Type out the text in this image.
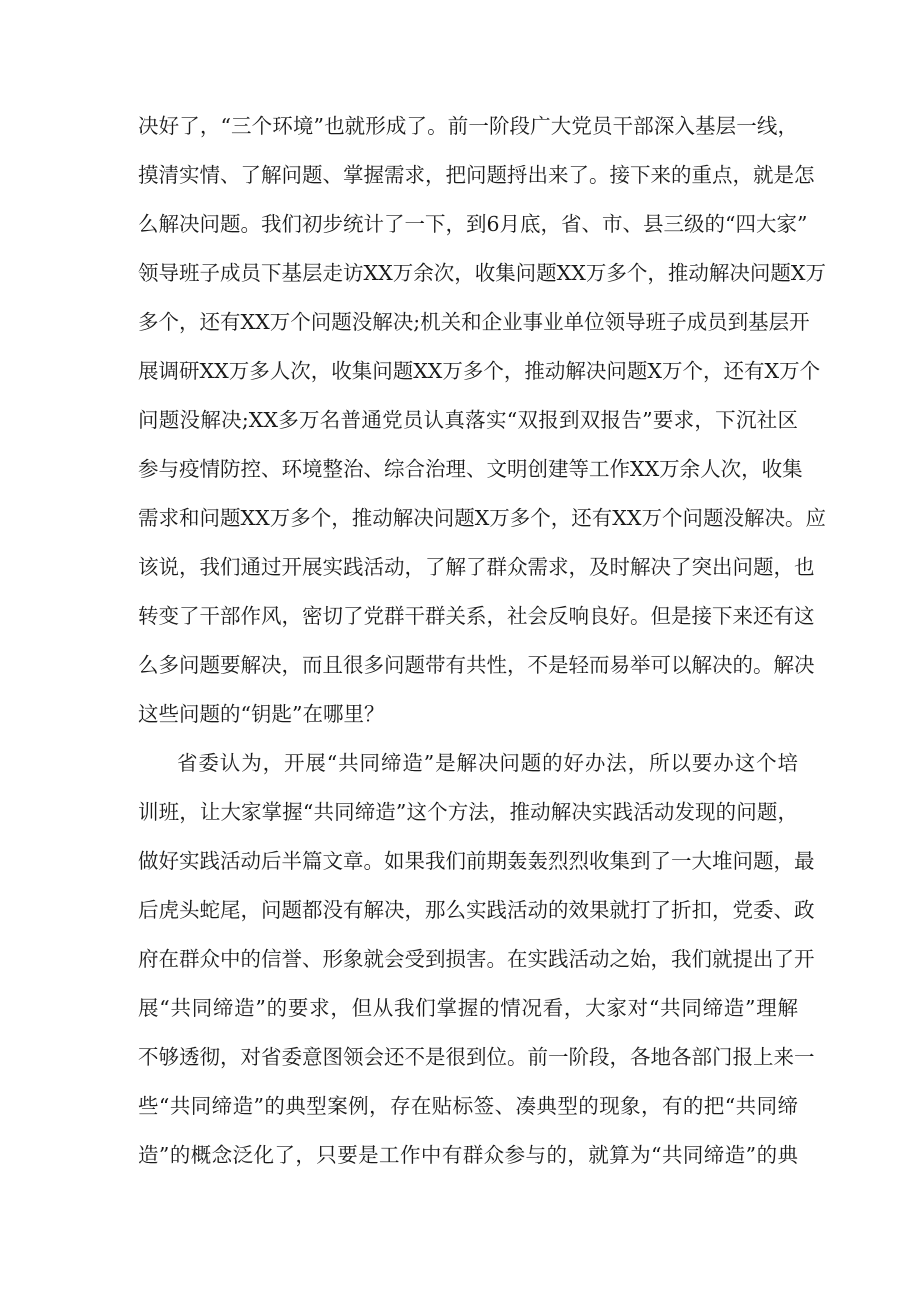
决好了，“三个环境”也就形成了。前一阶段广大党员干部深入基层一线，
摸清实情、了解问题、掌握需求，把问题捋出来了。接下来的重点，就是怎
么解决问题。我们初步统计了一下，到6月底，省、市、县三级的“四大家”
领导班子成员下基层走访XX万余次，收集问题XX万多个，推动解决问题X万
多个，还有XX万个问题没解决;机关和企业事业单位领导班子成员到基层开
展调研XX万多人次，收集问题XX万多个，推动解决问题X万个，还有X万个
问题没解决;XX多万名普通党员认真落实“双报到双报告”要求，下沉社区
参与疫情防控、环境整治、综合治理、文明创建等工作XX万余人次，收集
需求和问题XX万多个，推动解决问题X万多个，还有XX万个问题没解决。应
该说，我们通过开展实践活动，了解了群众需求，及时解决了突出问题，也
转变了干部作风，密切了党群干群关系，社会反响良好。但是接下来还有这
么多问题要解决，而且很多问题带有共性，不是轻而易举可以解决的。解决
这些问题的“钥匙”在哪里？
省委认为，开展“共同缔造”是解决问题的好办法，所以要办这个培
训班，让大家掌握“共同缔造”这个方法，推动解决实践活动发现的问题，
做好实践活动后半篇文章。如果我们前期轰轰烈烈收集到了一大堆问题，最
后虎头蛇尾，问题都没有解决，那么实践活动的效果就打了折扣，党委、政
府在群众中的信誉、形象就会受到损害。在实践活动之始，我们就提出了开
展“共同缔造”的要求，但从我们掌握的情况看，大家对“共同缔造”理解
不够透彻，对省委意图领会还不是很到位。前一阶段，各地各部门报上来一
些“共同缔造”的典型案例，存在贴标签、凑典型的现象，有的把“共同缔
造”的概念泛化了，只要是工作中有群众参与的，就算为“共同缔造”的典
